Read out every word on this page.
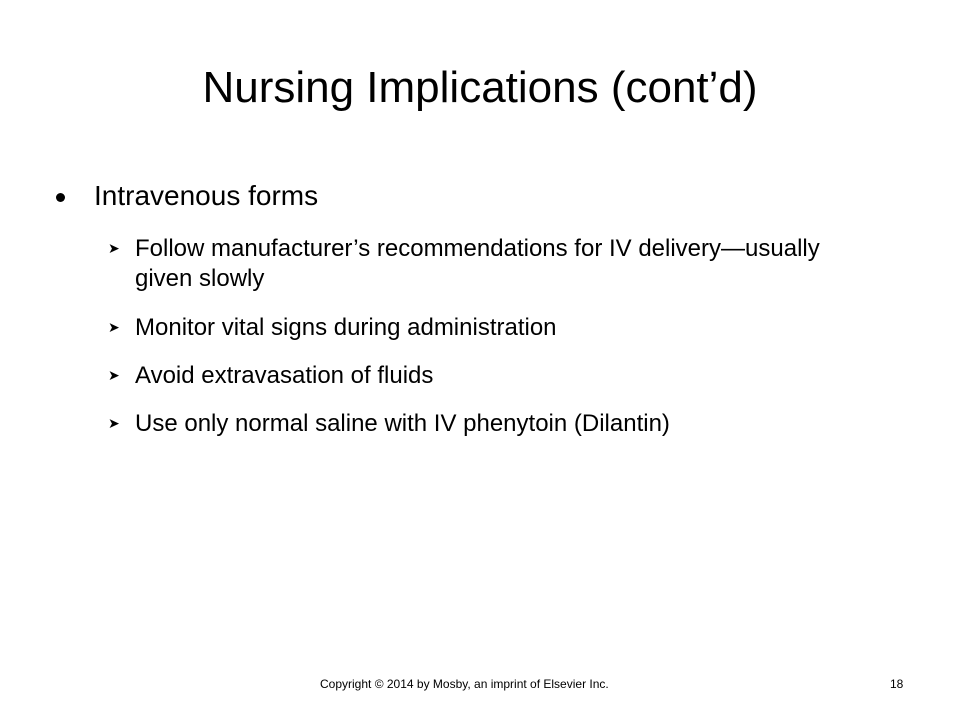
Nursing Implications (cont’d)
Intravenous forms
➤ Follow manufacturer’s recommendations for IV delivery—usually given slowly
➤ Monitor vital signs during administration
➤ Avoid extravasation of fluids
➤ Use only normal saline with IV phenytoin (Dilantin)
Copyright © 2014 by Mosby, an imprint of Elsevier Inc.	18
